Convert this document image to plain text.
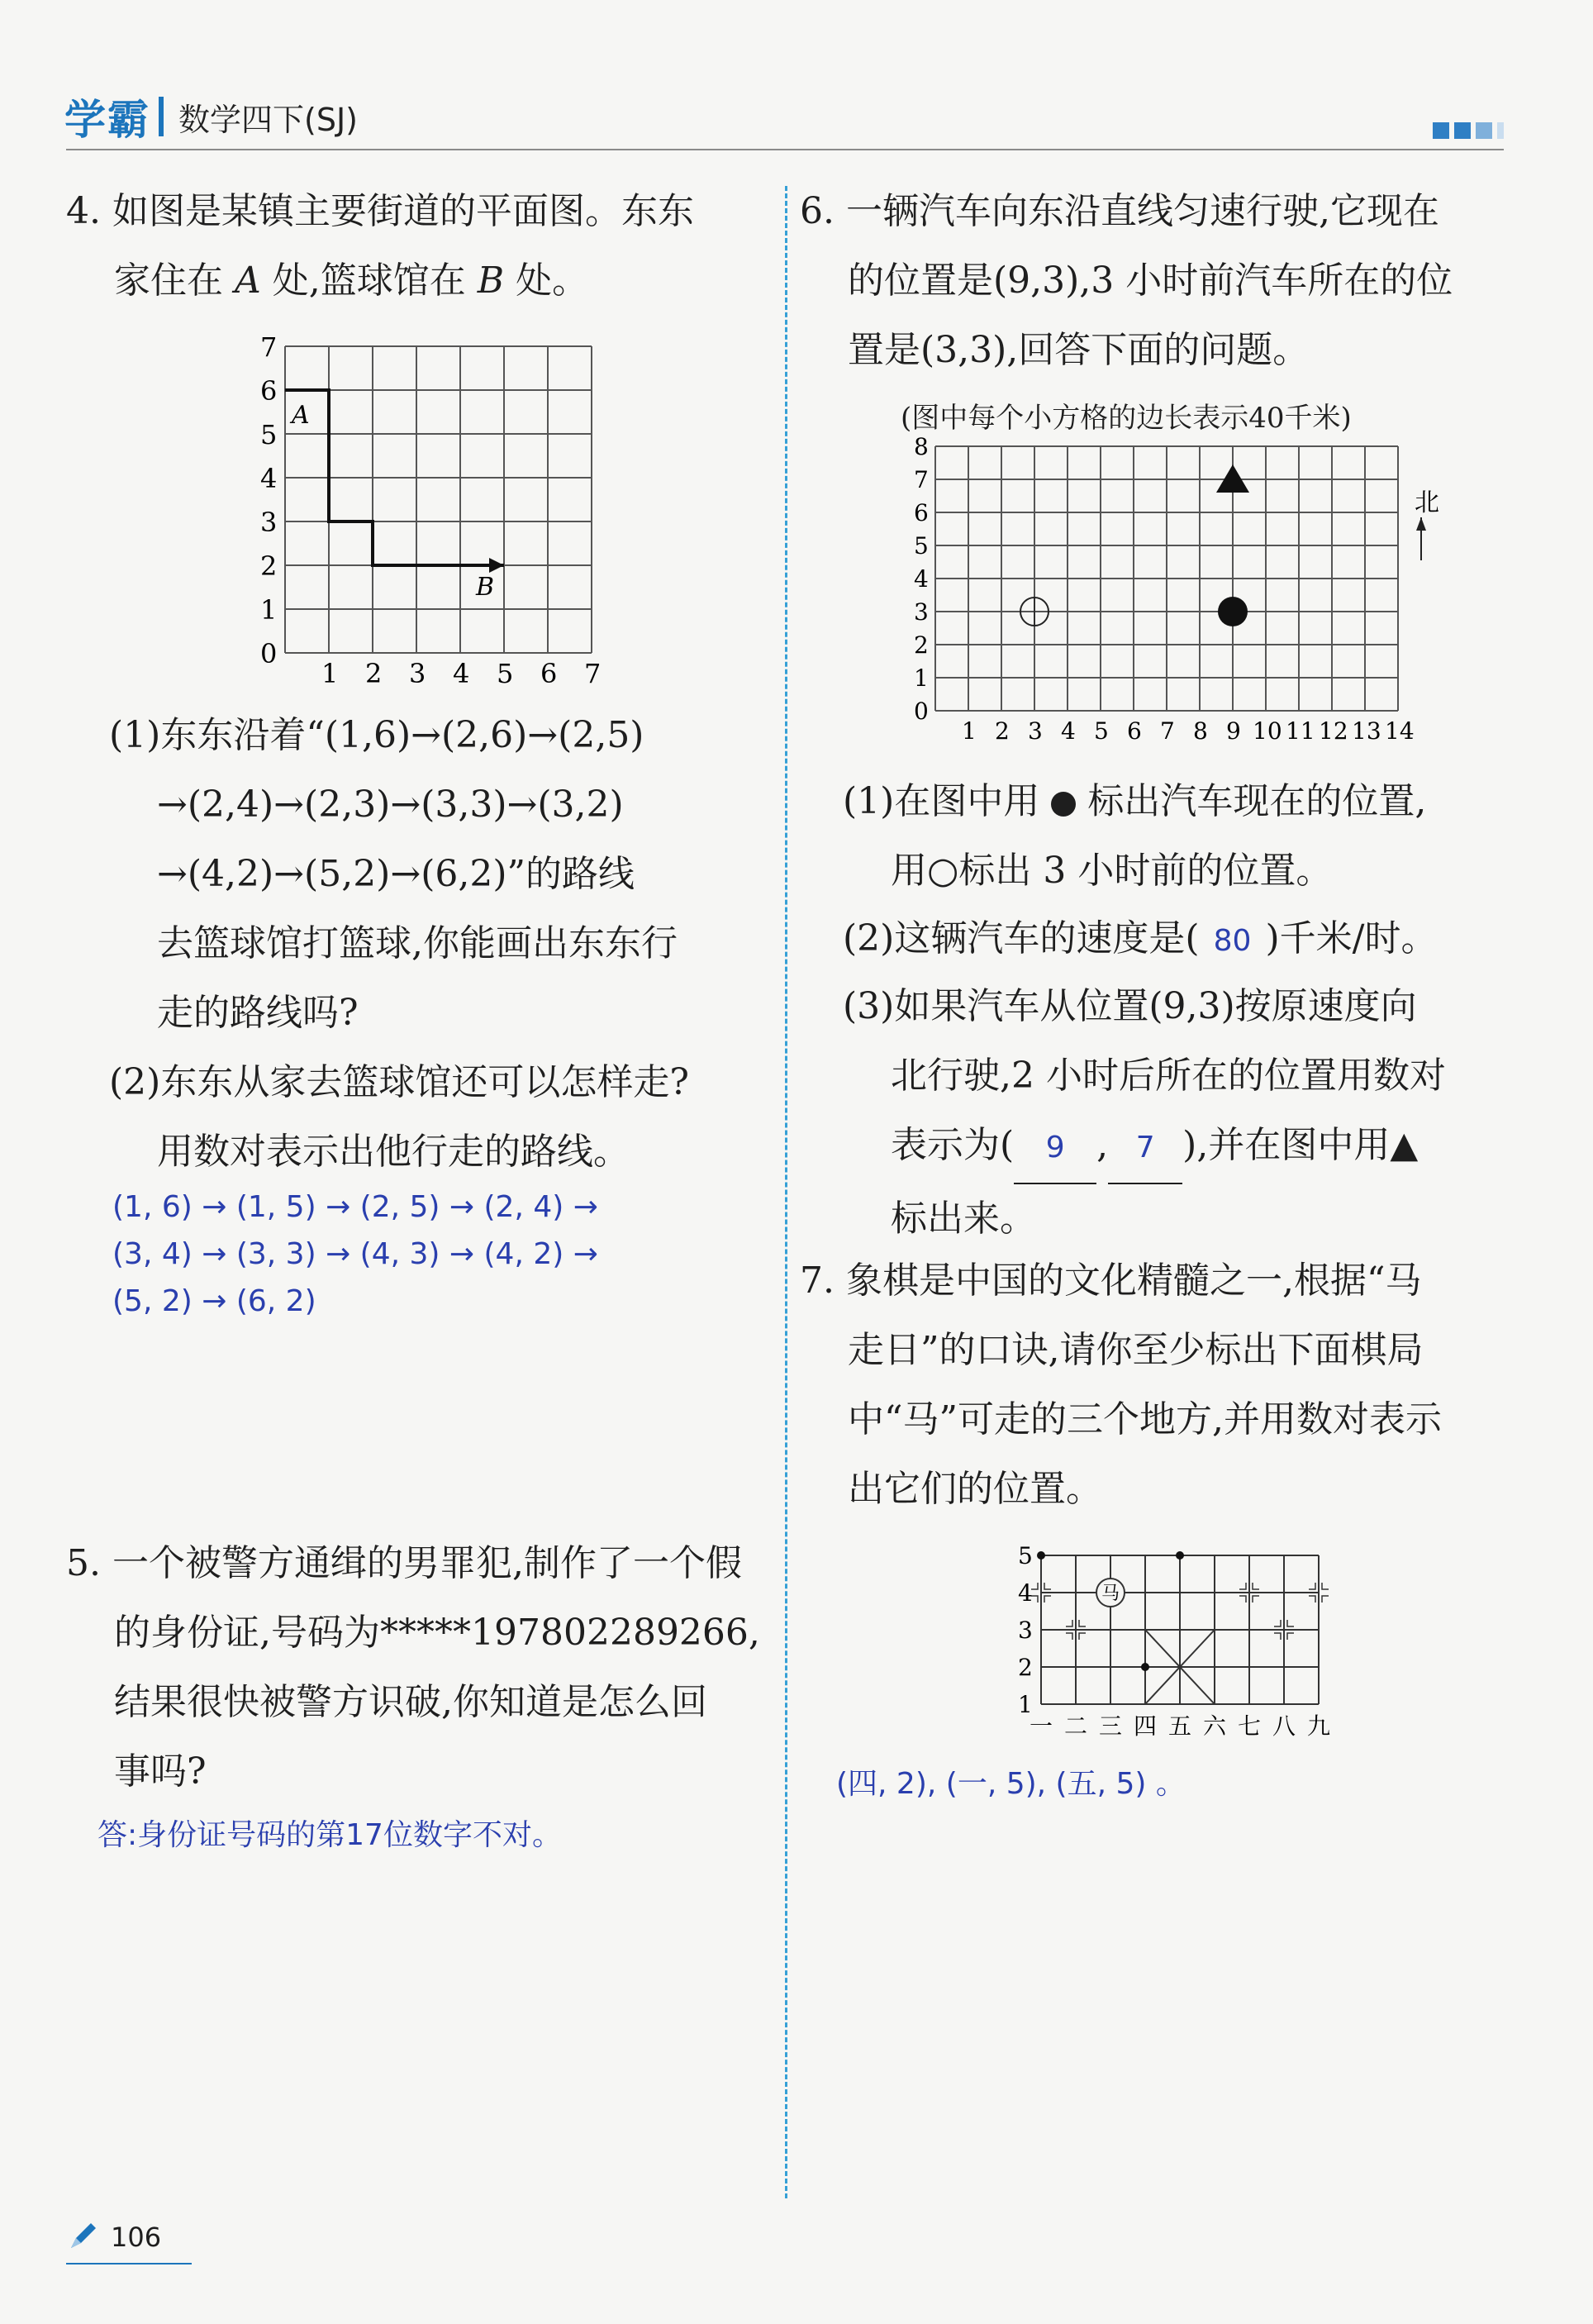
学霸 数学四下(SJ)
4. 如图是某镇主要街道的平面图。东东
家住在 A 处,篮球馆在 B 处。
0
1
2
3
4
5
6
7
1 2 3 4 5 6 7
A
B
(1)东东沿着“(1,6)→(2,6)→(2,5)
→(2,4)→(2,3)→(3,3)→(3,2)
→(4,2)→(5,2)→(6,2)”的路线
去篮球馆打篮球,你能画出东东行
走的路线吗?
(2)东东从家去篮球馆还可以怎样走?
用数对表示出他行走的路线。
(1, 6) → (1, 5) → (2, 5) → (2, 4) →
(3, 4) → (3, 3) → (4, 3) → (4, 2) →
(5, 2) → (6, 2)
5. 一个被警方通缉的男罪犯,制作了一个假
的身份证,号码为*****197802289266,
结果很快被警方识破,你知道是怎么回
事吗?
答:身份证号码的第17位数字不对。
6. 一辆汽车向东沿直线匀速行驶,它现在
的位置是(9,3),3 小时前汽车所在的位
置是(3,3),回答下面的问题。
(图中每个小方格的边长表示40千米)
0
1
2
3
4
5
6
7
8
1 2 3 4 5 6 7 8 9 10 11 12 13 14
北
(1)在图中用 标出汽车现在的位置,
用○标出 3 小时前的位置。
(2)这辆汽车的速度是( 80 )千米/时。
(3)如果汽车从位置(9,3)按原速度向
北行驶,2 小时后所在的位置用数对
表示为( 9 , 7 ),并在图中用▲
标出来。
7. 象棋是中国的文化精髓之一,根据“马
走日”的口诀,请你至少标出下面棋局
中“马”可走的三个地方,并用数对表示
出它们的位置。
马
1
2
3
4
5
一 二 三 四 五 六 七 八 九
(四, 2), (一, 5), (五, 5) 。
106
